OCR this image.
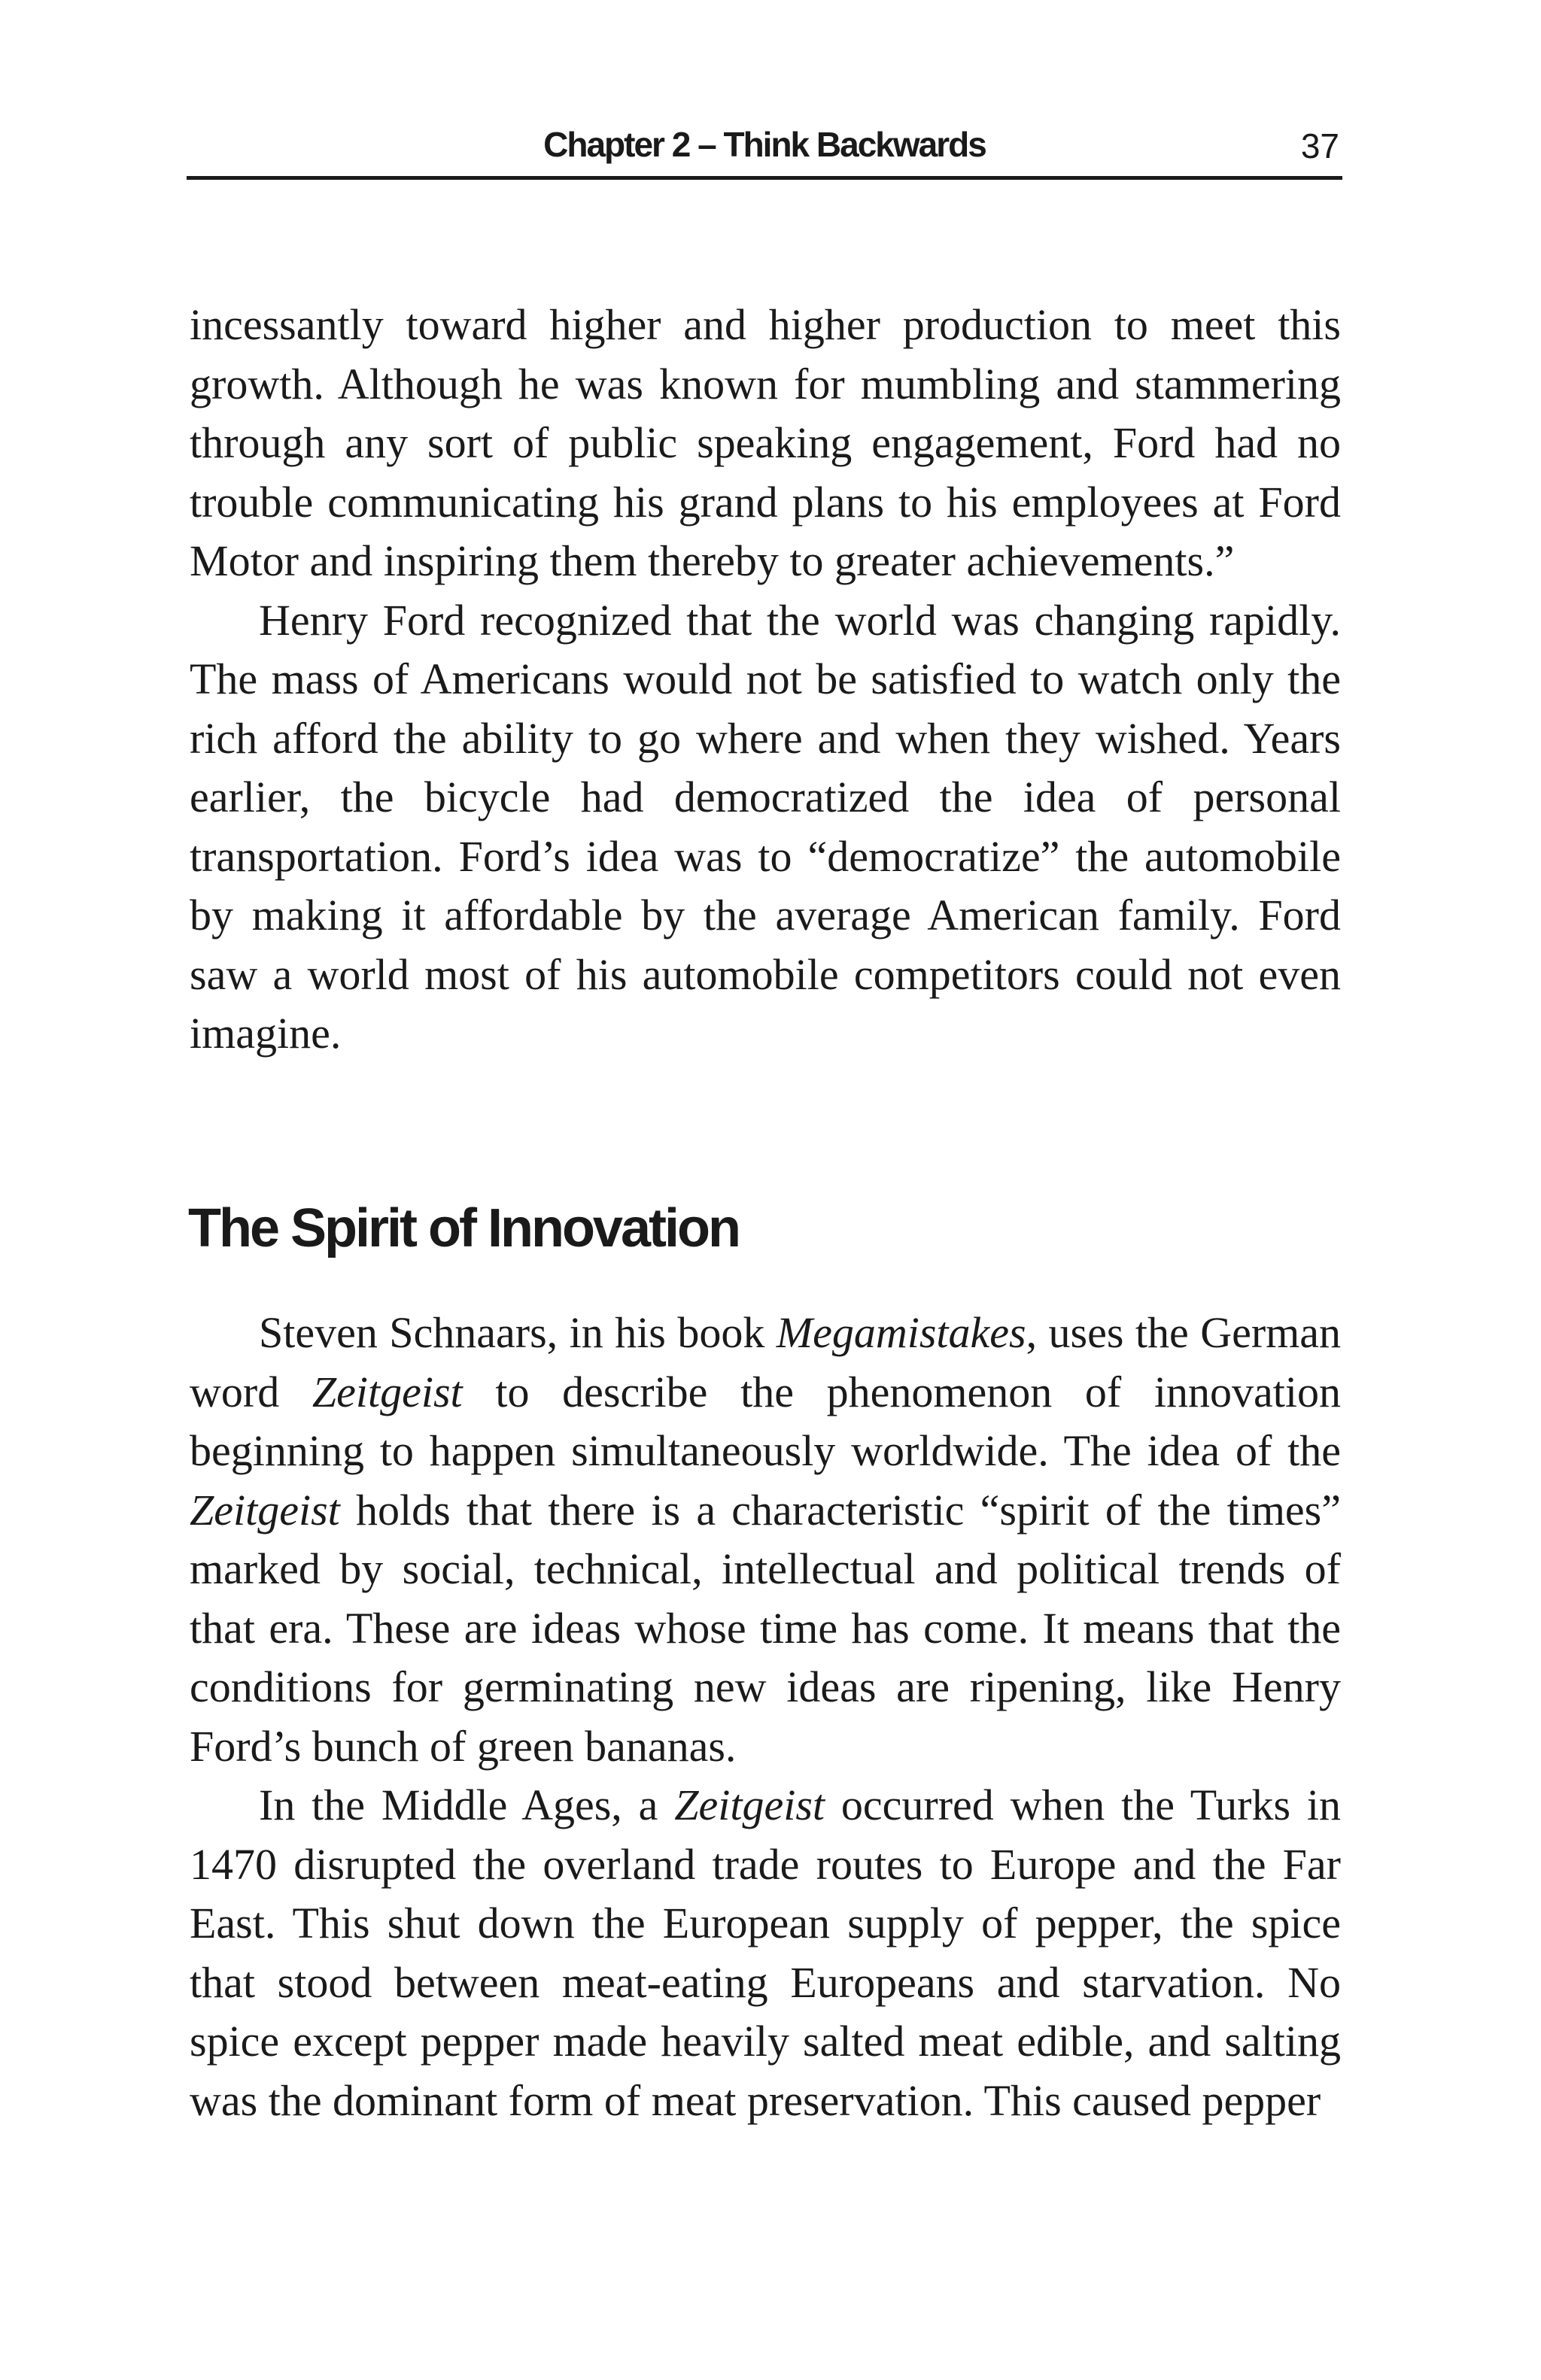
Chapter 2 – Think Backwards	37

incessantly toward higher and higher production to meet this growth. Although he was known for mumbling and stammering through any sort of public speaking engagement, Ford had no trouble communicating his grand plans to his employees at Ford Motor and inspiring them thereby to greater achievements.”

Henry Ford recognized that the world was changing rapidly. The mass of Americans would not be satisfied to watch only the rich afford the ability to go where and when they wished. Years earlier, the bicycle had democratized the idea of personal transportation. Ford’s idea was to “democratize” the automobile by making it affordable by the average American family. Ford saw a world most of his automobile competitors could not even imagine.

The Spirit of Innovation

Steven Schnaars, in his book Megamistakes, uses the German word Zeitgeist to describe the phenomenon of innovation beginning to happen simultaneously worldwide. The idea of the Zeitgeist holds that there is a characteristic “spirit of the times” marked by social, technical, intellectual and political trends of that era. These are ideas whose time has come. It means that the conditions for germinating new ideas are ripening, like Henry Ford’s bunch of green bananas.

In the Middle Ages, a Zeitgeist occurred when the Turks in 1470 disrupted the overland trade routes to Europe and the Far East. This shut down the European supply of pepper, the spice that stood between meat-eating Europeans and starvation. No spice except pepper made heavily salted meat edible, and salting was the dominant form of meat preservation. This caused pepper
